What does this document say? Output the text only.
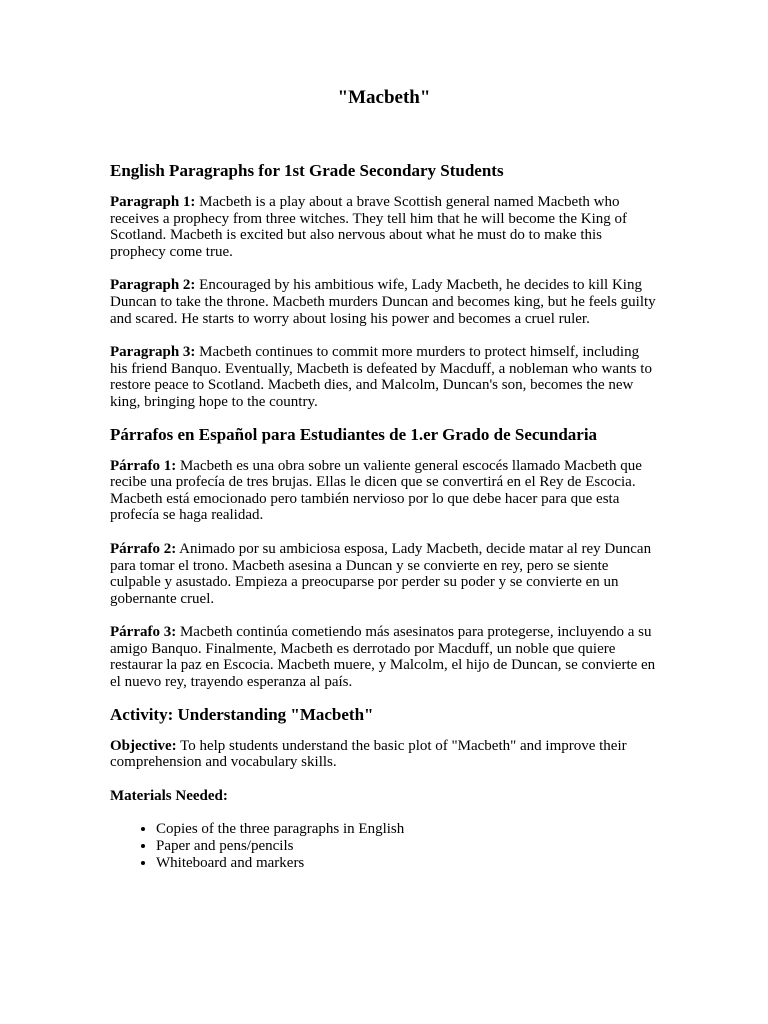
"Macbeth"
English Paragraphs for 1st Grade Secondary Students

Paragraph 1: Macbeth is a play about a brave Scottish general named Macbeth who receives a prophecy from three witches. They tell him that he will become the King of Scotland. Macbeth is excited but also nervous about what he must do to make this prophecy come true.

Paragraph 2: Encouraged by his ambitious wife, Lady Macbeth, he decides to kill King Duncan to take the throne. Macbeth murders Duncan and becomes king, but he feels guilty and scared. He starts to worry about losing his power and becomes a cruel ruler.

Paragraph 3: Macbeth continues to commit more murders to protect himself, including his friend Banquo. Eventually, Macbeth is defeated by Macduff, a nobleman who wants to restore peace to Scotland. Macbeth dies, and Malcolm, Duncan's son, becomes the new king, bringing hope to the country.

Párrafos en Español para Estudiantes de 1.er Grado de Secundaria

Párrafo 1: Macbeth es una obra sobre un valiente general escocés llamado Macbeth que recibe una profecía de tres brujas. Ellas le dicen que se convertirá en el Rey de Escocia. Macbeth está emocionado pero también nervioso por lo que debe hacer para que esta profecía se haga realidad.

Párrafo 2: Animado por su ambiciosa esposa, Lady Macbeth, decide matar al rey Duncan para tomar el trono. Macbeth asesina a Duncan y se convierte en rey, pero se siente culpable y asustado. Empieza a preocuparse por perder su poder y se convierte en un gobernante cruel.

Párrafo 3: Macbeth continúa cometiendo más asesinatos para protegerse, incluyendo a su amigo Banquo. Finalmente, Macbeth es derrotado por Macduff, un noble que quiere restaurar la paz en Escocia. Macbeth muere, y Malcolm, el hijo de Duncan, se convierte en el nuevo rey, trayendo esperanza al país.

Activity: Understanding "Macbeth"

Objective: To help students understand the basic plot of "Macbeth" and improve their comprehension and vocabulary skills.

Materials Needed:

• Copies of the three paragraphs in English
• Paper and pens/pencils
• Whiteboard and markers
